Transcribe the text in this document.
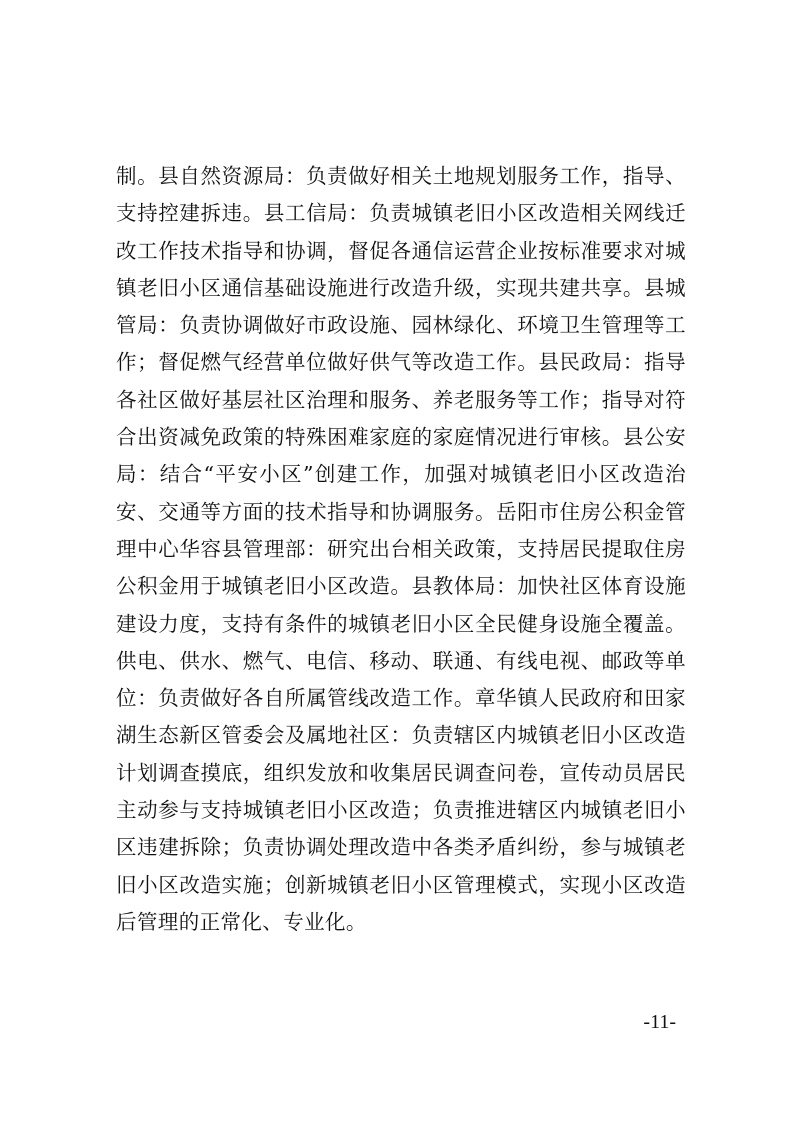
制。县自然资源局：负责做好相关土地规划服务工作，指导、
支持控建拆违。县工信局：负责城镇老旧小区改造相关网线迁
改工作技术指导和协调，督促各通信运营企业按标准要求对城
镇老旧小区通信基础设施进行改造升级，实现共建共享。县城
管局：负责协调做好市政设施、园林绿化、环境卫生管理等工
作；督促燃气经营单位做好供气等改造工作。县民政局：指导
各社区做好基层社区治理和服务、养老服务等工作；指导对符
合出资减免政策的特殊困难家庭的家庭情况进行审核。县公安
局：结合“平安小区”创建工作，加强对城镇老旧小区改造治
安、交通等方面的技术指导和协调服务。岳阳市住房公积金管
理中心华容县管理部：研究出台相关政策，支持居民提取住房
公积金用于城镇老旧小区改造。县教体局：加快社区体育设施
建设力度，支持有条件的城镇老旧小区全民健身设施全覆盖。
供电、供水、燃气、电信、移动、联通、有线电视、邮政等单
位：负责做好各自所属管线改造工作。章华镇人民政府和田家
湖生态新区管委会及属地社区：负责辖区内城镇老旧小区改造
计划调查摸底，组织发放和收集居民调查问卷，宣传动员居民
主动参与支持城镇老旧小区改造；负责推进辖区内城镇老旧小
区违建拆除；负责协调处理改造中各类矛盾纠纷，参与城镇老
旧小区改造实施；创新城镇老旧小区管理模式，实现小区改造
后管理的正常化、专业化。
-11-
